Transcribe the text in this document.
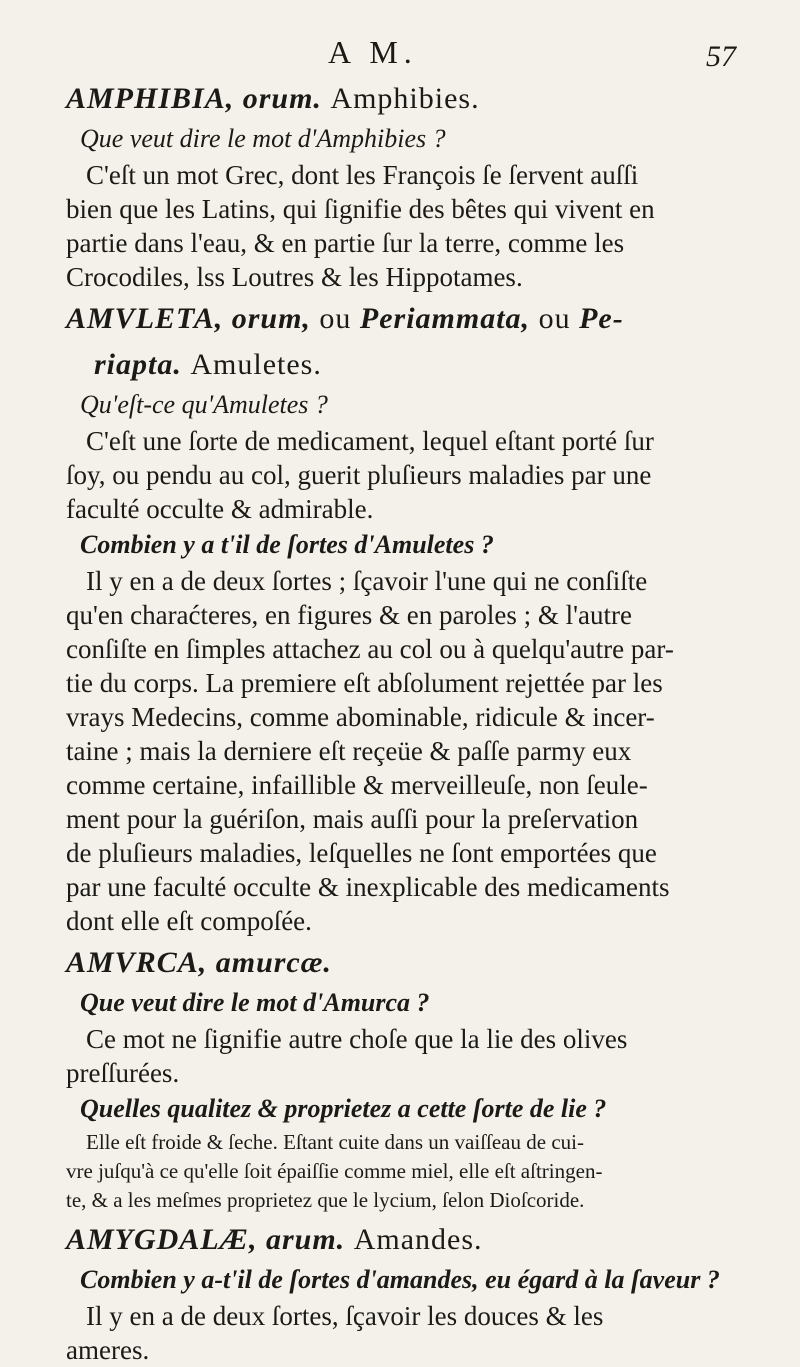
A M.	57
AMPHIBIA, orum. Amphibies.
Que veut dire le mot d'Amphibies ?
C'eſt un mot Grec, dont les François ſe ſervent auſſi
bien que les Latins, qui ſignifie des bêtes qui vivent en
partie dans l'eau, & en partie ſur la terre, comme les
Crocodiles, lss Loutres & les Hippotames.
AMVLETA, orum, ou Periammata, ou Pe-
riapta. Amuletes.
Qu'eſt-ce qu'Amuletes ?
C'eſt une ſorte de medicament, lequel eſtant porté ſur
ſoy, ou pendu au col, guerit pluſieurs maladies par une
faculté occulte & admirable.
Combien y a t'il de ſortes d'Amuletes ?
Il y en a de deux ſortes ; ſçavoir l'une qui ne conſiſte
qu'en charaćteres, en figures & en paroles ; & l'autre
conſiſte en ſimples attachez au col ou à quelqu'autre par-
tie du corps. La premiere eſt abſolument rejettée par les
vrays Medecins, comme abominable, ridicule & incer-
taine ; mais la derniere eſt reçeüe & paſſe parmy eux
comme certaine, infaillible & merveilleuſe, non ſeule-
ment pour la guériſon, mais auſſi pour la preſervation
de pluſieurs maladies, leſquelles ne ſont emportées que
par une faculté occulte & inexplicable des medicaments
dont elle eſt compoſée.
AMVRCA, amurcæ.
Que veut dire le mot d'Amurca ?
Ce mot ne ſignifie autre choſe que la lie des olives
preſſurées.
Quelles qualitez & proprietez a cette ſorte de lie ?
Elle eſt froide & ſeche. Eſtant cuite dans un vaiſſeau de cui-
vre juſqu'à ce qu'elle ſoit épaiſſie comme miel, elle eſt aſtringen-
te, & a les meſmes proprietez que le lycium, ſelon Dioſcoride.
AMYGDALÆ, arum. Amandes.
Combien y a-t'il de ſortes d'amandes, eu égard à la ſaveur ?
Il y en a de deux ſortes, ſçavoir les douces & les
ameres.
